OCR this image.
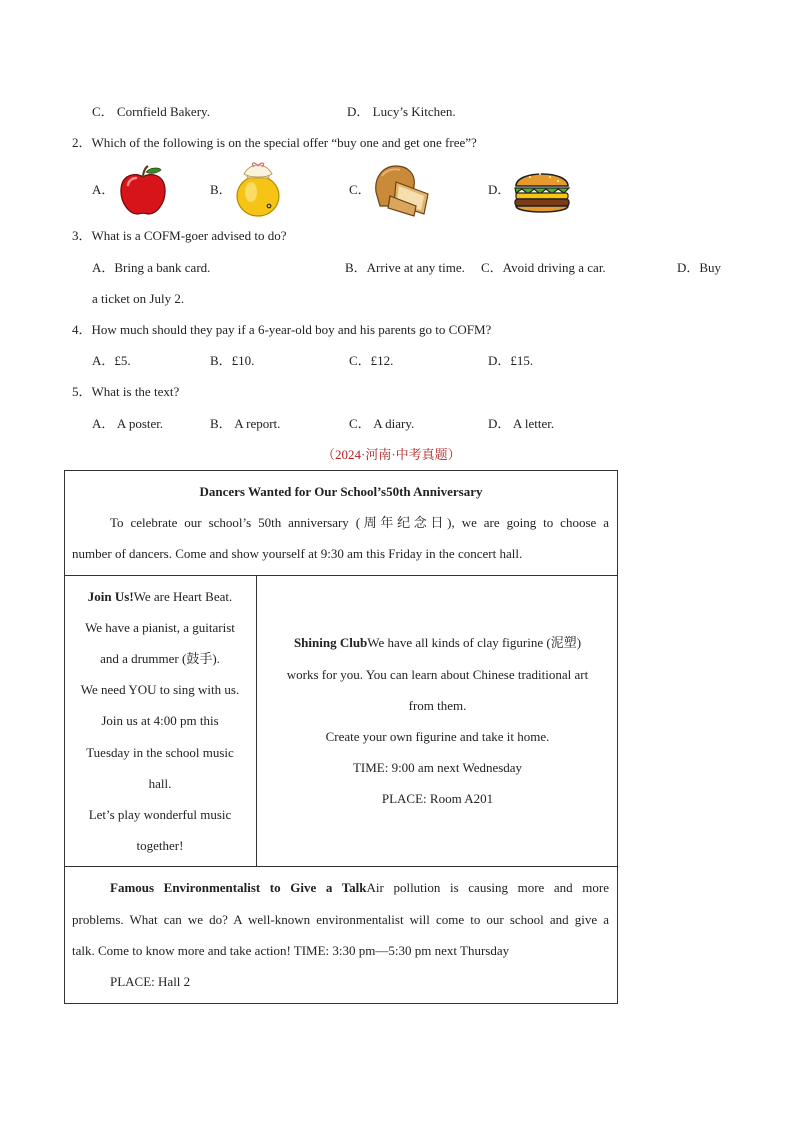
C． Cornfield Bakery.	D． Lucy’s Kitchen.
2．Which of the following is on the special offer “buy one and get one free”?
A．	B．	C．	D．
3．What is a COFM-goer advised to do?
A．Bring a bank card.	B．Arrive at any time. C．Avoid driving a car.	D．Buy
a ticket on July 2.
4．How much should they pay if a 6-year-old boy and his parents go to COFM?
A．£5.	B．£10.	C．£12.	D．£15.
5．What is the text?
A． A poster.	B． A report.	C． A diary.	D． A letter.
（2024·河南·中考真题）
Dancers Wanted for Our School’s50th Anniversary
To celebrate our school’s 50th anniversary (周年纪念日), we are going to choose a
number of dancers. Come and show yourself at 9:30 am this Friday in the concert hall.
Join Us!We are Heart Beat.
We have a pianist, a guitarist
and a drummer (鼓手).
We need YOU to sing with us.
Join us at 4:00 pm this
Tuesday in the school music
hall.
Let’s play wonderful music
together!
Shining ClubWe have all kinds of clay figurine (泥塑)
works for you. You can learn about Chinese traditional art
from them.
Create your own figurine and take it home.
TIME: 9:00 am next Wednesday
PLACE: Room A201
Famous Environmentalist to Give a TalkAir pollution is causing more and more
problems. What can we do? A well-known environmentalist will come to our school and give a
talk. Come to know more and take action! TIME: 3:30 pm—5:30 pm next Thursday
PLACE: Hall 2
